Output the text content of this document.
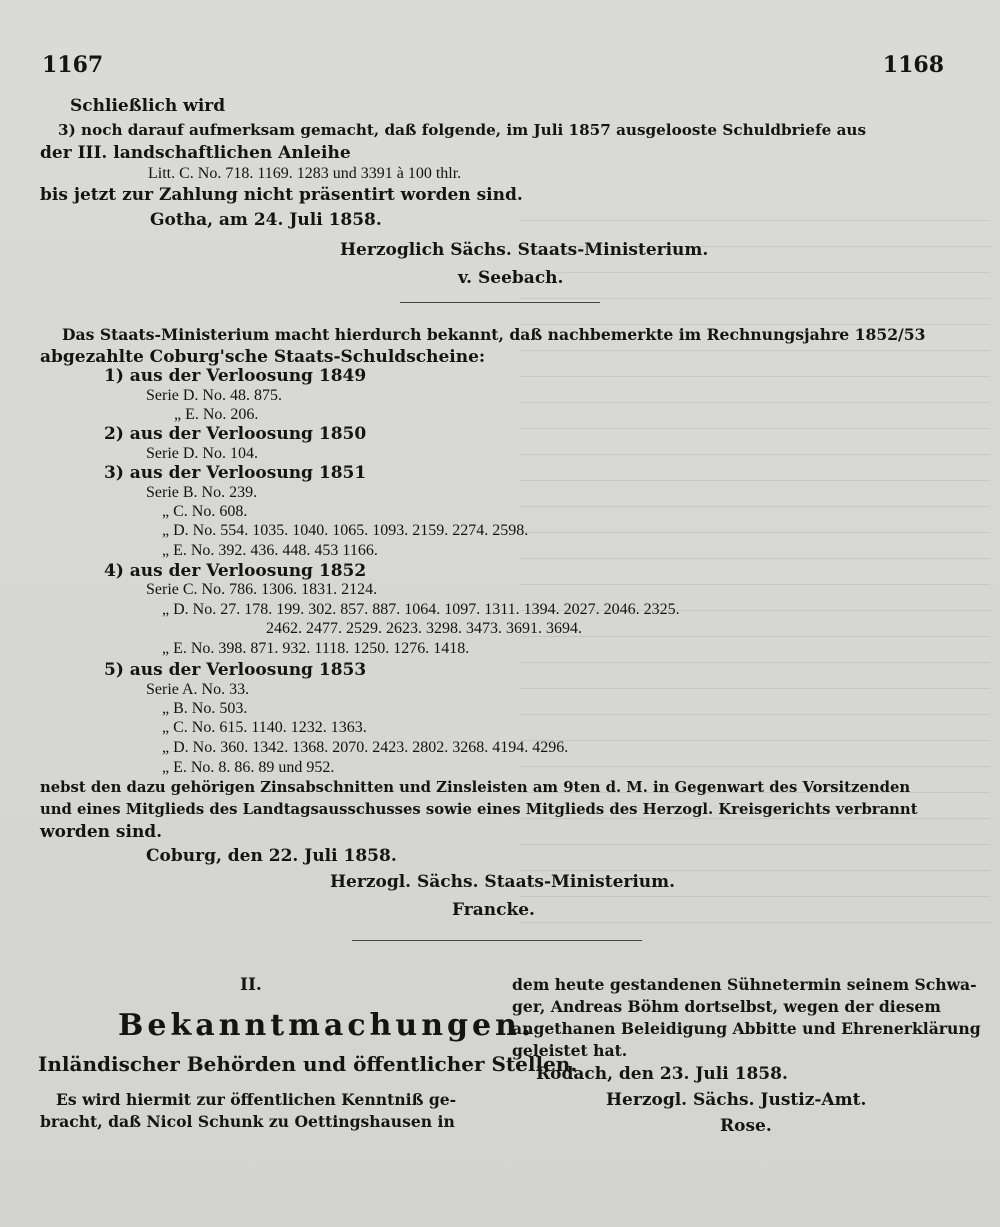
1167	1168
Schließlich wird
3) noch darauf aufmerksam gemacht, daß folgende, im Juli 1857 ausgelooste Schuldbriefe aus
der III. landschaftlichen Anleihe
Litt. C. No. 718. 1169. 1283 und 3391 à 100 thlr.
bis jetzt zur Zahlung nicht präsentirt worden sind.
Gotha, am 24. Juli 1858.
Herzoglich Sächs. Staats-Ministerium.
v. Seebach.
Das Staats-Ministerium macht hierdurch bekannt, daß nachbemerkte im Rechnungsjahre 1852/53
abgezahlte Coburg'sche Staats-Schuldscheine:
1) aus der Verloosung 1849
Serie D. No. 48. 875.
„ E. No. 206.
2) aus der Verloosung 1850
Serie D. No. 104.
3) aus der Verloosung 1851
Serie B. No. 239.
„ C. No. 608.
„ D. No. 554. 1035. 1040. 1065. 1093. 2159. 2274. 2598.
„ E. No. 392. 436. 448. 453 1166.
4) aus der Verloosung 1852
Serie C. No. 786. 1306. 1831. 2124.
„ D. No. 27. 178. 199. 302. 857. 887. 1064. 1097. 1311. 1394. 2027. 2046. 2325.
2462. 2477. 2529. 2623. 3298. 3473. 3691. 3694.
„ E. No. 398. 871. 932. 1118. 1250. 1276. 1418.
5) aus der Verloosung 1853
Serie A. No. 33.
„ B. No. 503.
„ C. No. 615. 1140. 1232. 1363.
„ D. No. 360. 1342. 1368. 2070. 2423. 2802. 3268. 4194. 4296.
„ E. No. 8. 86. 89 und 952.
nebst den dazu gehörigen Zinsabschnitten und Zinsleisten am 9ten d. M. in Gegenwart des Vorsitzenden
und eines Mitglieds des Landtagsausschusses sowie eines Mitglieds des Herzogl. Kreisgerichts verbrannt
worden sind.
Coburg, den 22. Juli 1858.
Herzogl. Sächs. Staats-Ministerium.
Francke.
II.
Bekanntmachungen.
Inländischer Behörden und öffentlicher Stellen.
Es wird hiermit zur öffentlichen Kenntniß ge-
bracht, daß Nicol Schunk zu Oettingshausen in
dem heute gestandenen Sühnetermin seinem Schwa-
ger, Andreas Böhm dortselbst, wegen der diesem
angethanen Beleidigung Abbitte und Ehrenerklärung
geleistet hat.
Rodach, den 23. Juli 1858.
Herzogl. Sächs. Justiz-Amt.
Rose.
